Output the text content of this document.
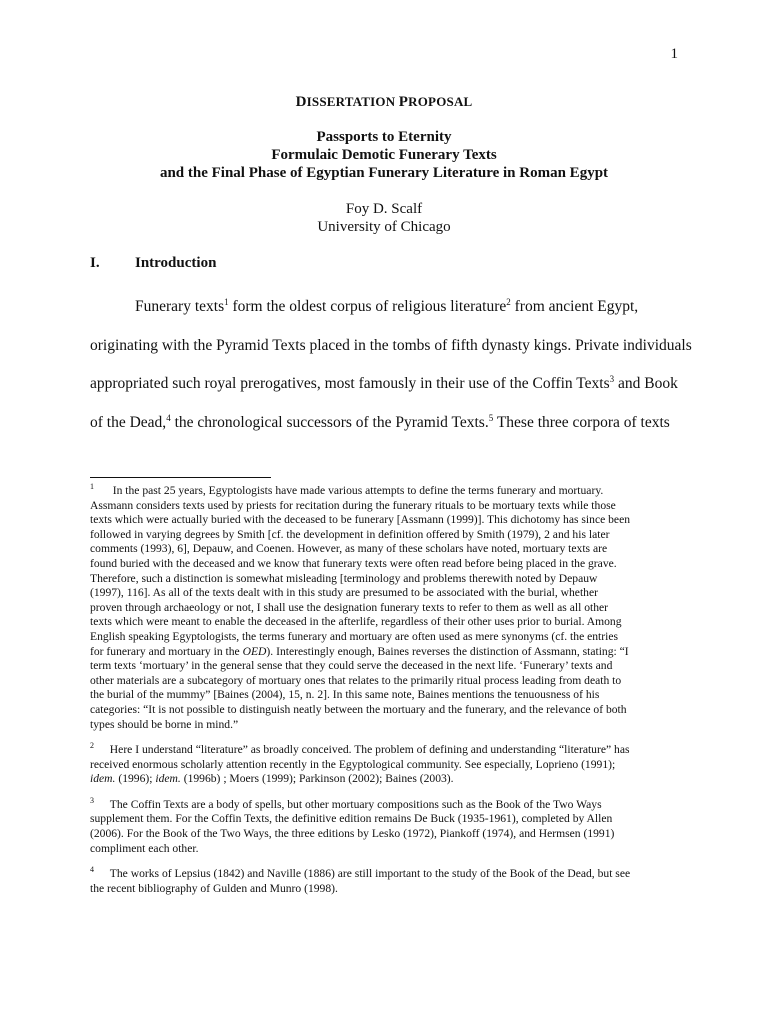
1
DISSERTATION PROPOSAL
Passports to Eternity
Formulaic Demotic Funerary Texts
and the Final Phase of Egyptian Funerary Literature in Roman Egypt
Foy D. Scalf
University of Chicago
I. Introduction
Funerary texts$^1$ form the oldest corpus of religious literature$^2$ from ancient Egypt,
originating with the Pyramid Texts placed in the tombs of fifth dynasty kings. Private individuals
appropriated such royal prerogatives, most famously in their use of the Coffin Texts$^3$ and Book
of the Dead,$^4$ the chronological successors of the Pyramid Texts.$^5$ These three corpora of texts
1 In the past 25 years, Egyptologists have made various attempts to define the terms funerary and mortuary.
Assmann considers texts used by priests for recitation during the funerary rituals to be mortuary texts while those
texts which were actually buried with the deceased to be funerary [Assmann (1999)]. This dichotomy has since been
followed in varying degrees by Smith [cf. the development in definition offered by Smith (1979), 2 and his later
comments (1993), 6], Depauw, and Coenen. However, as many of these scholars have noted, mortuary texts are
found buried with the deceased and we know that funerary texts were often read before being placed in the grave.
Therefore, such a distinction is somewhat misleading [terminology and problems therewith noted by Depauw
(1997), 116]. As all of the texts dealt with in this study are presumed to be associated with the burial, whether
proven through archaeology or not, I shall use the designation funerary texts to refer to them as well as all other
texts which were meant to enable the deceased in the afterlife, regardless of their other uses prior to burial. Among
English speaking Egyptologists, the terms funerary and mortuary are often used as mere synonyms (cf. the entries
for funerary and mortuary in the OED). Interestingly enough, Baines reverses the distinction of Assmann, stating: “I
term texts ‘mortuary’ in the general sense that they could serve the deceased in the next life. ‘Funerary’ texts and
other materials are a subcategory of mortuary ones that relates to the primarily ritual process leading from death to
the burial of the mummy” [Baines (2004), 15, n. 2]. In this same note, Baines mentions the tenuousness of his
categories: “It is not possible to distinguish neatly between the mortuary and the funerary, and the relevance of both
types should be borne in mind.”
2 Here I understand “literature” as broadly conceived. The problem of defining and understanding “literature” has
received enormous scholarly attention recently in the Egyptological community. See especially, Loprieno (1991);
idem. (1996); idem. (1996b) ; Moers (1999); Parkinson (2002); Baines (2003).
3 The Coffin Texts are a body of spells, but other mortuary compositions such as the Book of the Two Ways
supplement them. For the Coffin Texts, the definitive edition remains De Buck (1935-1961), completed by Allen
(2006). For the Book of the Two Ways, the three editions by Lesko (1972), Piankoff (1974), and Hermsen (1991)
compliment each other.
4 The works of Lepsius (1842) and Naville (1886) are still important to the study of the Book of the Dead, but see
the recent bibliography of Gulden and Munro (1998).
